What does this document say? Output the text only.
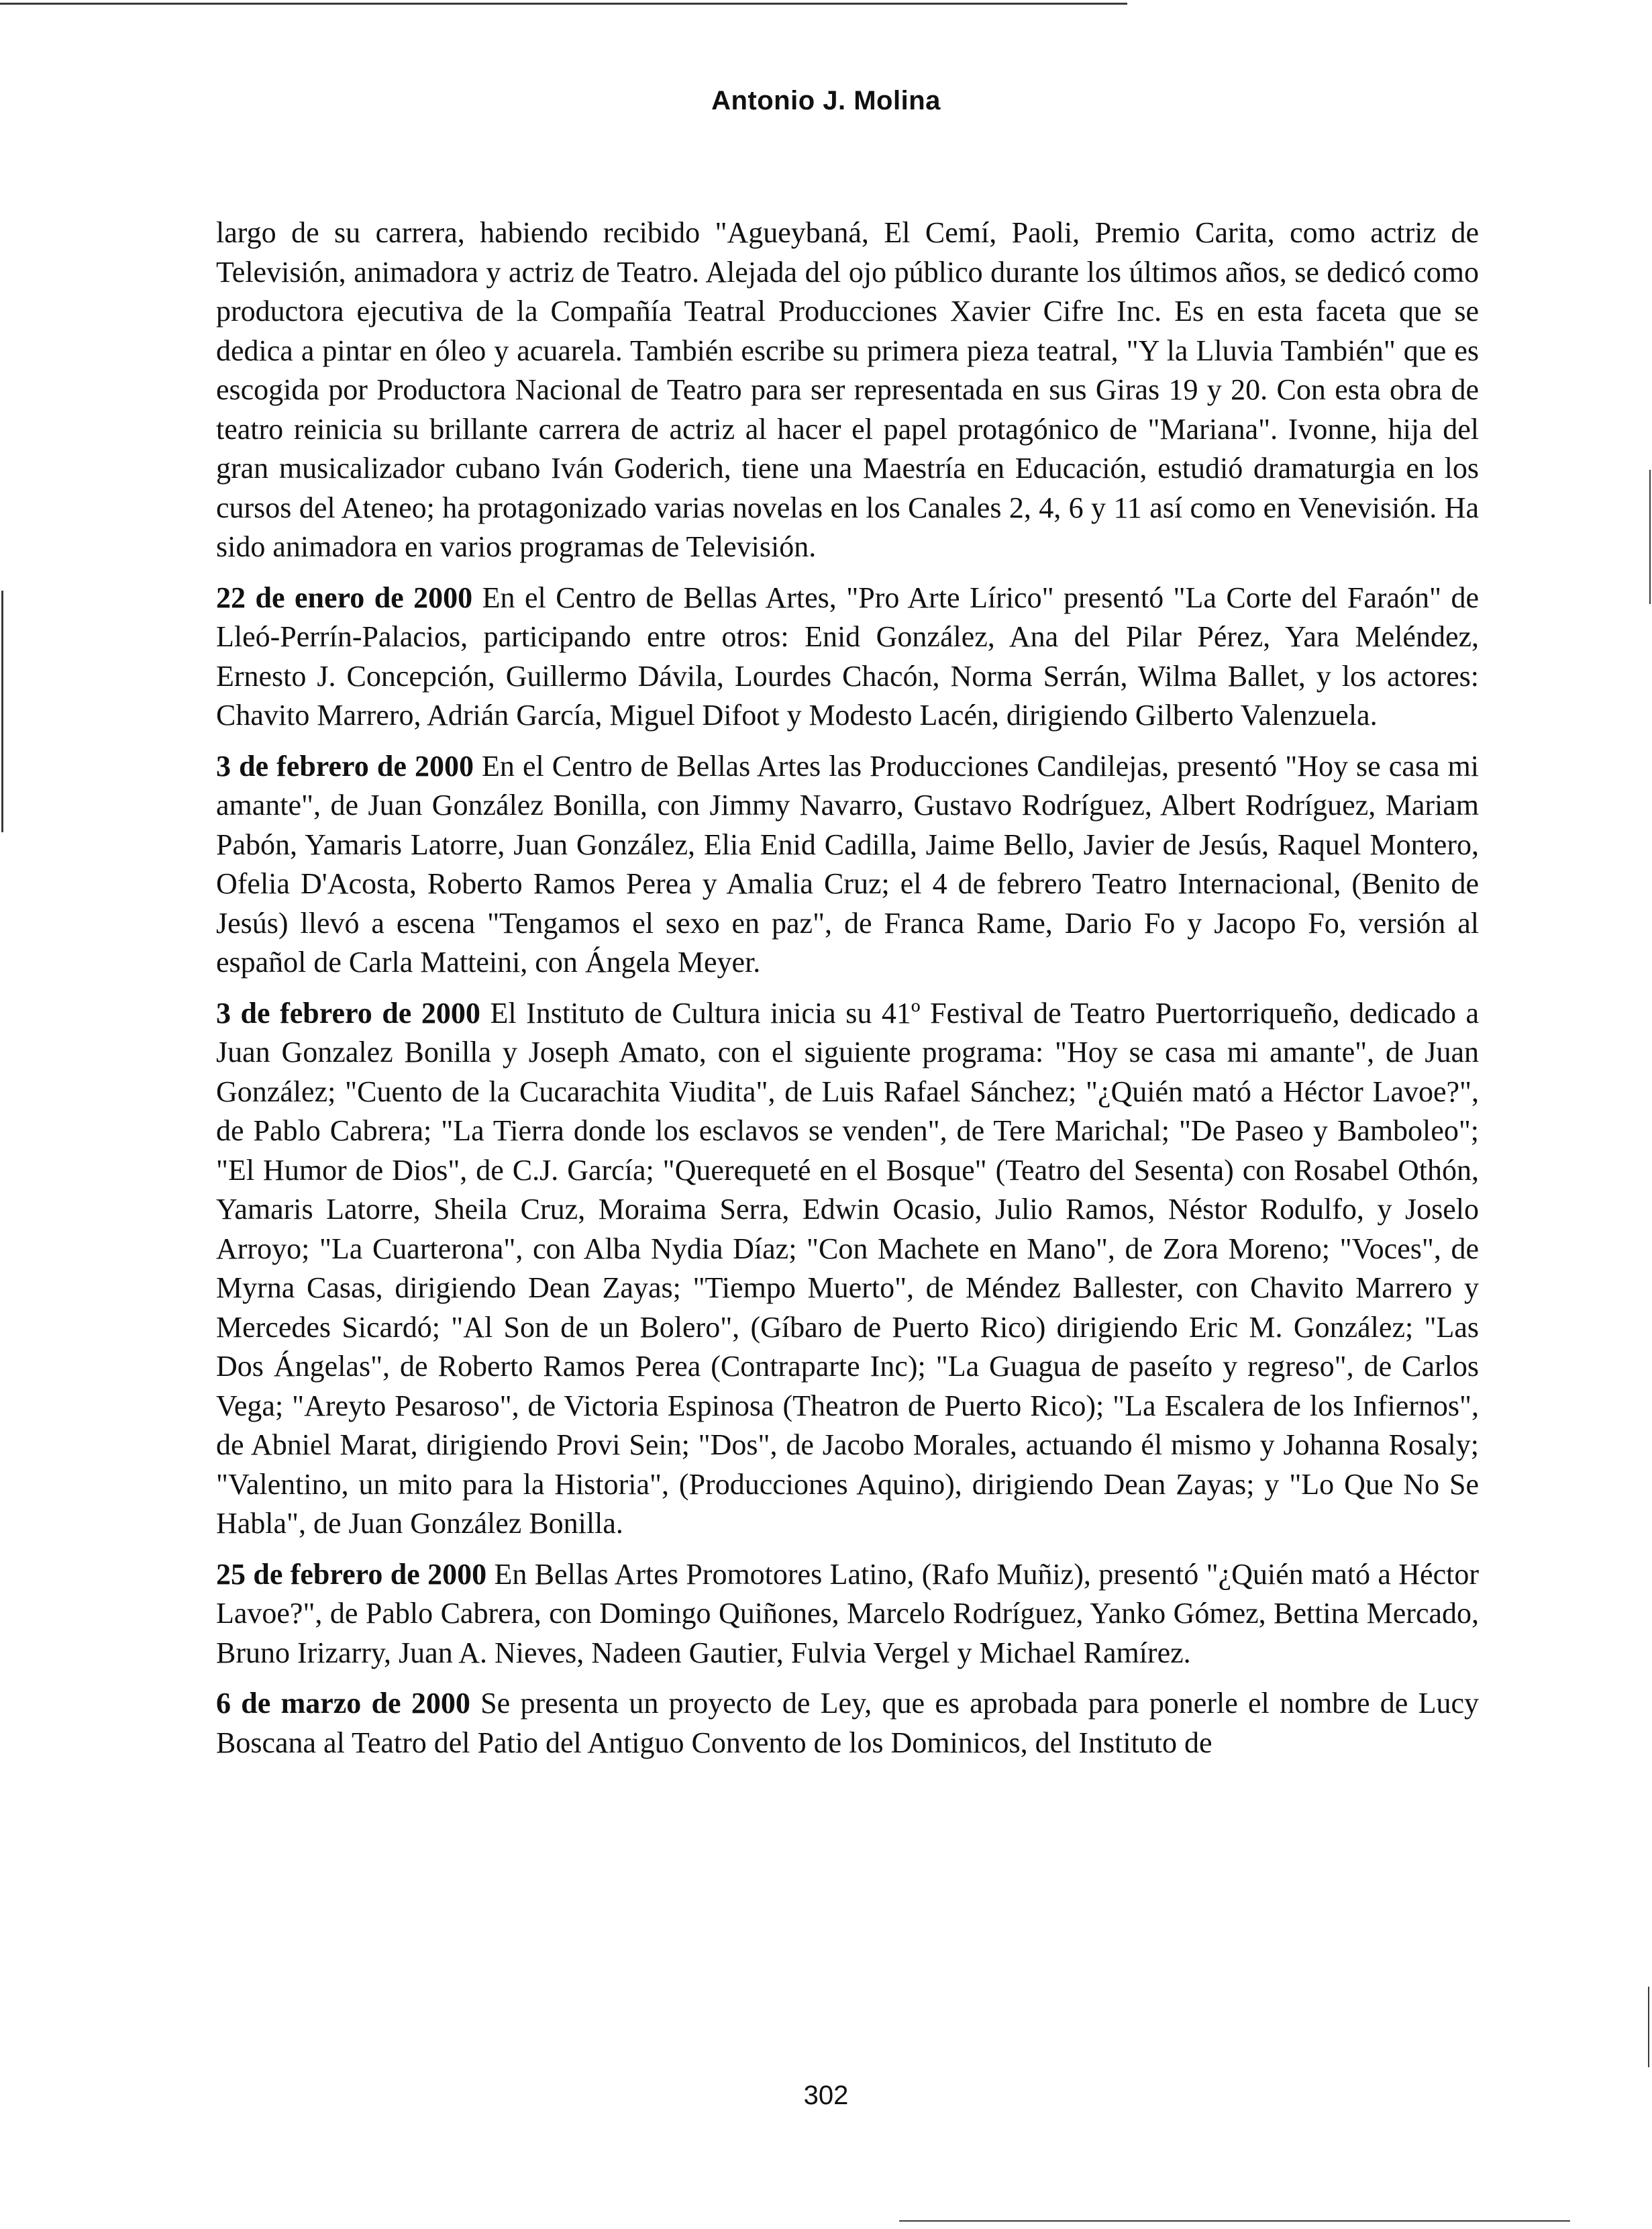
Antonio J. Molina

largo de su carrera, habiendo recibido "Agueybaná, El Cemí, Paoli, Premio Carita, como actriz de Televisión, animadora y actriz de Teatro. Alejada del ojo público durante los últimos años, se dedicó como productora ejecutiva de la Compañía Teatral Producciones Xavier Cifre Inc. Es en esta faceta que se dedica a pintar en óleo y acuarela. También escribe su primera pieza teatral, "Y la Lluvia También" que es escogida por Productora Nacional de Teatro para ser representada en sus Giras 19 y 20. Con esta obra de teatro reinicia su brillante carrera de actriz al hacer el papel protagónico de "Mariana". Ivonne, hija del gran musicalizador cubano Iván Goderich, tiene una Maestría en Educación, estudió dramaturgia en los cursos del Ateneo; ha protagonizado varias novelas en los Canales 2, 4, 6 y 11 así como en Venevisión. Ha sido animadora en varios programas de Televisión.

22 de enero de 2000 En el Centro de Bellas Artes, "Pro Arte Lírico" presentó "La Corte del Faraón" de Lleó-Perrín-Palacios, participando entre otros: Enid González, Ana del Pilar Pérez, Yara Meléndez, Ernesto J. Concepción, Guillermo Dávila, Lourdes Chacón, Norma Serrán, Wilma Ballet, y los actores: Chavito Marrero, Adrián García, Miguel Difoot y Modesto Lacén, dirigiendo Gilberto Valenzuela.

3 de febrero de 2000 En el Centro de Bellas Artes las Producciones Candilejas, presentó "Hoy se casa mi amante", de Juan González Bonilla, con Jimmy Navarro, Gustavo Rodríguez, Albert Rodríguez, Mariam Pabón, Yamaris Latorre, Juan González, Elia Enid Cadilla, Jaime Bello, Javier de Jesús, Raquel Montero, Ofelia D'Acosta, Roberto Ramos Perea y Amalia Cruz; el 4 de febrero Teatro Internacional, (Benito de Jesús) llevó a escena "Tengamos el sexo en paz", de Franca Rame, Dario Fo y Jacopo Fo, versión al español de Carla Matteini, con Ángela Meyer.

3 de febrero de 2000 El Instituto de Cultura inicia su 41º Festival de Teatro Puertorriqueño, dedicado a Juan Gonzalez Bonilla y Joseph Amato, con el siguiente programa: "Hoy se casa mi amante", de Juan González; "Cuento de la Cucarachita Viudita", de Luis Rafael Sánchez; "¿Quién mató a Héctor Lavoe?", de Pablo Cabrera; "La Tierra donde los esclavos se venden", de Tere Marichal; "De Paseo y Bamboleo"; "El Humor de Dios", de C.J. García; "Querequeté en el Bosque" (Teatro del Sesenta) con Rosabel Othón, Yamaris Latorre, Sheila Cruz, Moraima Serra, Edwin Ocasio, Julio Ramos, Néstor Rodulfo, y Joselo Arroyo; "La Cuarterona", con Alba Nydia Díaz; "Con Machete en Mano", de Zora Moreno; "Voces", de Myrna Casas, dirigiendo Dean Zayas; "Tiempo Muerto", de Méndez Ballester, con Chavito Marrero y Mercedes Sicardó; "Al Son de un Bolero", (Gíbaro de Puerto Rico) dirigiendo Eric M. González; "Las Dos Ángelas", de Roberto Ramos Perea (Contraparte Inc); "La Guagua de paseíto y regreso", de Carlos Vega; "Areyto Pesaroso", de Victoria Espinosa (Theatron de Puerto Rico); "La Escalera de los Infiernos", de Abniel Marat, dirigiendo Provi Sein; "Dos", de Jacobo Morales, actuando él mismo y Johanna Rosaly; "Valentino, un mito para la Historia", (Producciones Aquino), dirigiendo Dean Zayas; y "Lo Que No Se Habla", de Juan González Bonilla.

25 de febrero de 2000 En Bellas Artes Promotores Latino, (Rafo Muñiz), presentó "¿Quién mató a Héctor Lavoe?", de Pablo Cabrera, con Domingo Quiñones, Marcelo Rodríguez, Yanko Gómez, Bettina Mercado, Bruno Irizarry, Juan A. Nieves, Nadeen Gautier, Fulvia Vergel y Michael Ramírez.

6 de marzo de 2000 Se presenta un proyecto de Ley, que es aprobada para ponerle el nombre de Lucy Boscana al Teatro del Patio del Antiguo Convento de los Dominicos, del Instituto de

302
